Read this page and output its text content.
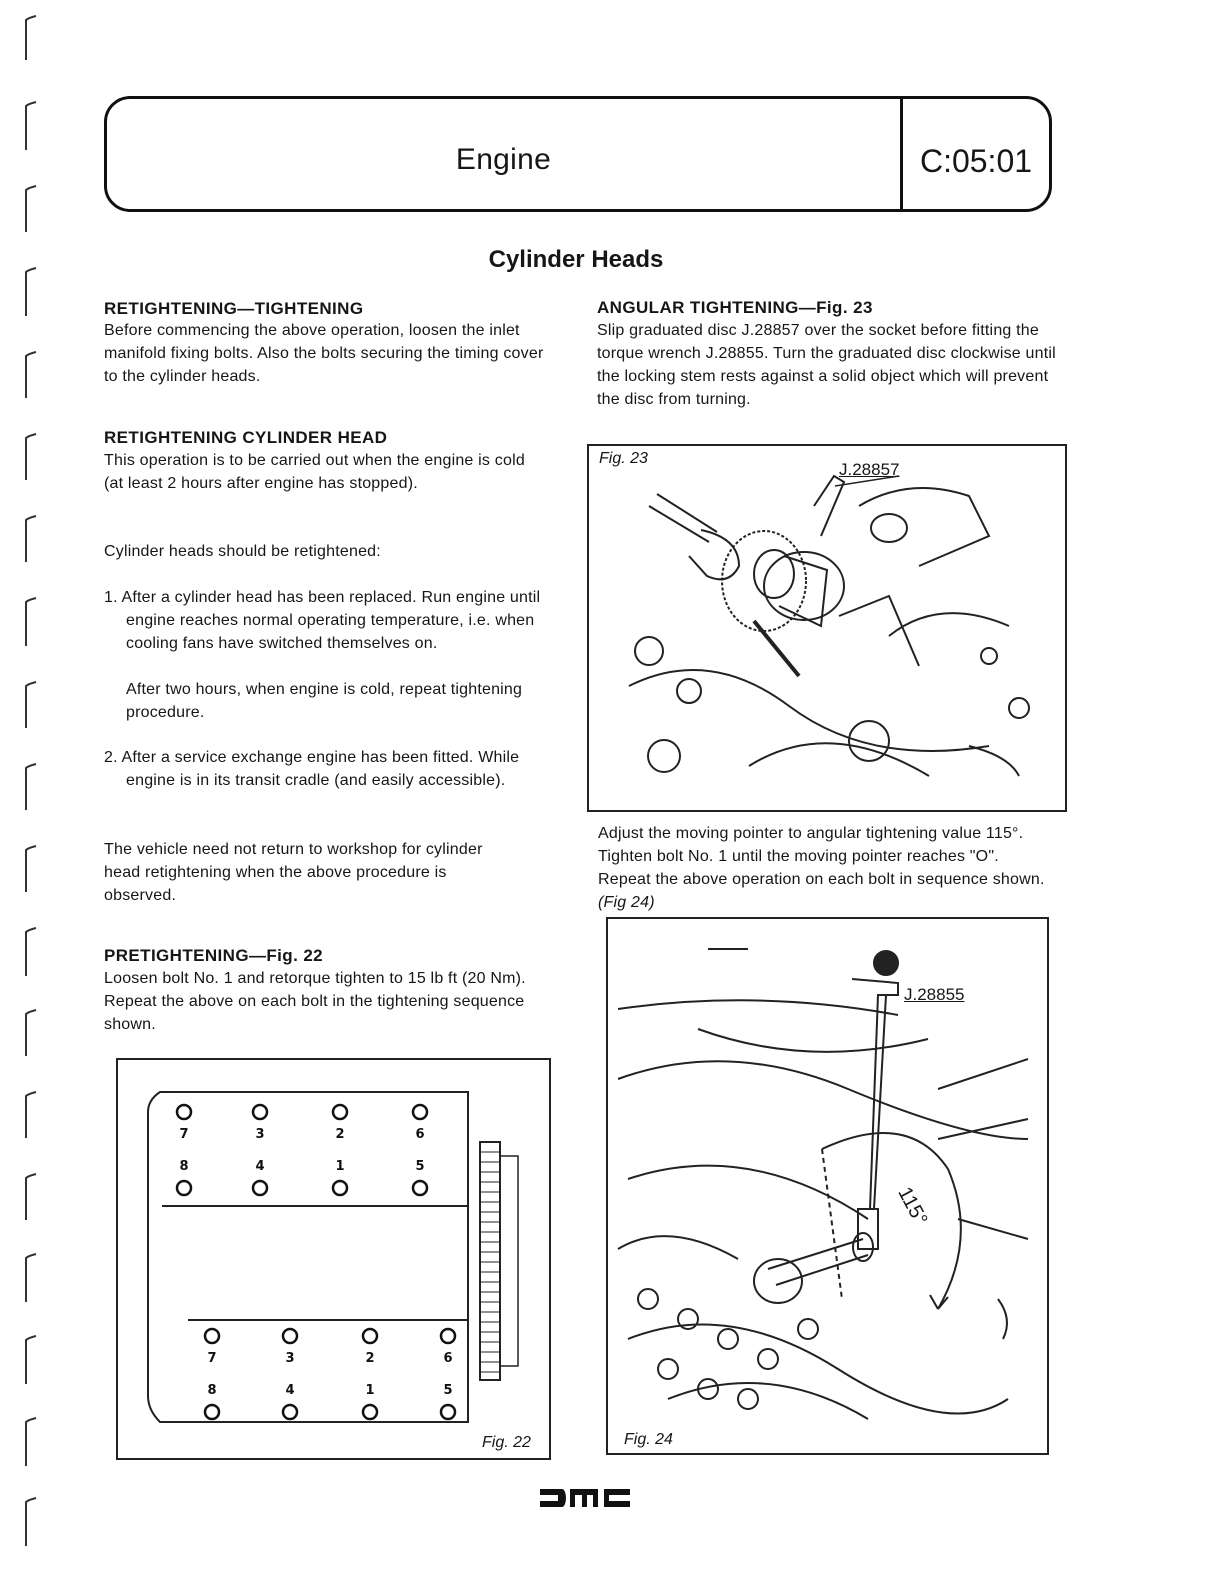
Engine	C:05:01
Cylinder Heads
RETIGHTENING—TIGHTENING

Before commencing the above operation, loosen the inlet manifold fixing bolts. Also the bolts securing the timing cover to the cylinder heads.

RETIGHTENING CYLINDER HEAD

This operation is to be carried out when the engine is cold (at least 2 hours after engine has stopped).

Cylinder heads should be retightened:

1. After a cylinder head has been replaced. Run engine until engine reaches normal operating temperature, i.e. when cooling fans have switched themselves on.

After two hours, when engine is cold, repeat tightening procedure.

2. After a service exchange engine has been fitted. While engine is in its transit cradle (and easily accessible).

The vehicle need not return to workshop for cylinder head retightening when the above procedure is observed.

PRETIGHTENING—Fig. 22

Loosen bolt No. 1 and retorque tighten to 15 lb ft (20 Nm). Repeat the above on each bolt in the tightening sequence shown.

7	3	2	6
8	4	1	5
7	3	2	6
8	4	1	5
Fig. 22
ANGULAR TIGHTENING—Fig. 23

Slip graduated disc J.28857 over the socket before fitting the torque wrench J.28855. Turn the graduated disc clockwise until the locking stem rests against a solid object which will prevent the disc from turning.

Fig. 23
J.28857

Adjust the moving pointer to angular tightening value 115°. Tighten bolt No. 1 until the moving pointer reaches "O". Repeat the above operation on each bolt in sequence shown. (Fig 24)

J.28855
115°
Fig. 24
